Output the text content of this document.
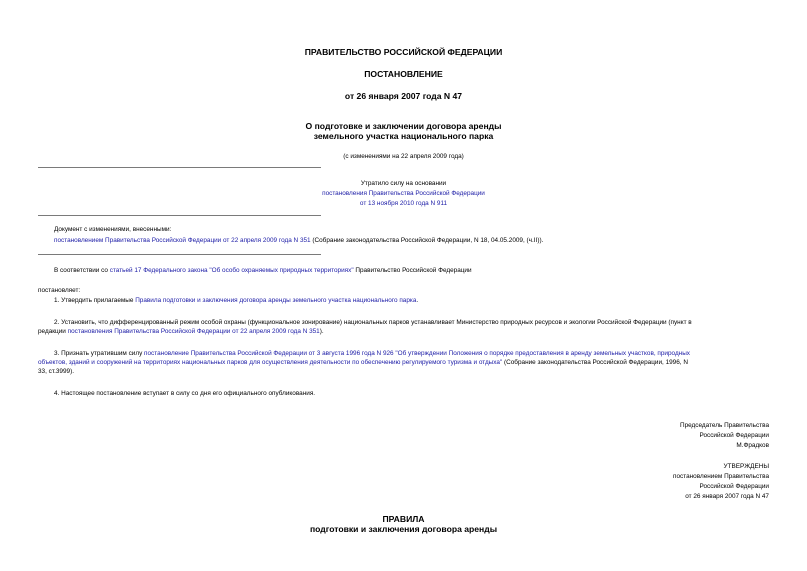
ПРАВИТЕЛЬСТВО РОССИЙСКОЙ ФЕДЕРАЦИИ
ПОСТАНОВЛЕНИЕ
от 26 января 2007 года N 47
О подготовке и заключении договора аренды
земельного участка национального парка
(с изменениями на 22 апреля 2009 года)
Утратило силу на основании
постановления Правительства Российской Федерации
от 13 ноября 2010 года N 911
Документ с изменениями, внесенными:
постановлением Правительства Российской Федерации от 22 апреля 2009 года N 351 (Собрание законодательства Российской Федерации, N 18, 04.05.2009, (ч.II)).
В соответствии со статьей 17 Федерального закона "Об особо охраняемых природных территориях" Правительство Российской Федерации
постановляет:
1. Утвердить прилагаемые Правила подготовки и заключения договора аренды земельного участка национального парка.
2. Установить, что дифференцированный режим особой охраны (функциональное зонирование) национальных парков устанавливает Министерство природных ресурсов и экологии Российской Федерации (пункт в
редакции постановления Правительства Российской Федерации от 22 апреля 2009 года N 351).
3. Признать утратившим силу постановление Правительства Российской Федерации от 3 августа 1996 года N 926 "Об утверждении Положения о порядке предоставления в аренду земельных участков, природных
объектов, зданий и сооружений на территориях национальных парков для осуществления деятельности по обеспечению регулируемого туризма и отдыха" (Собрание законодательства Российской Федерации, 1996, N
33, ст.3999).
4. Настоящее постановление вступает в силу со дня его официального опубликования.
Председатель Правительства
Российской Федерации
М.Фрадков
УТВЕРЖДЕНЫ
постановлением Правительства
Российской Федерации
от 26 января 2007 года N 47
ПРАВИЛА
подготовки и заключения договора аренды
